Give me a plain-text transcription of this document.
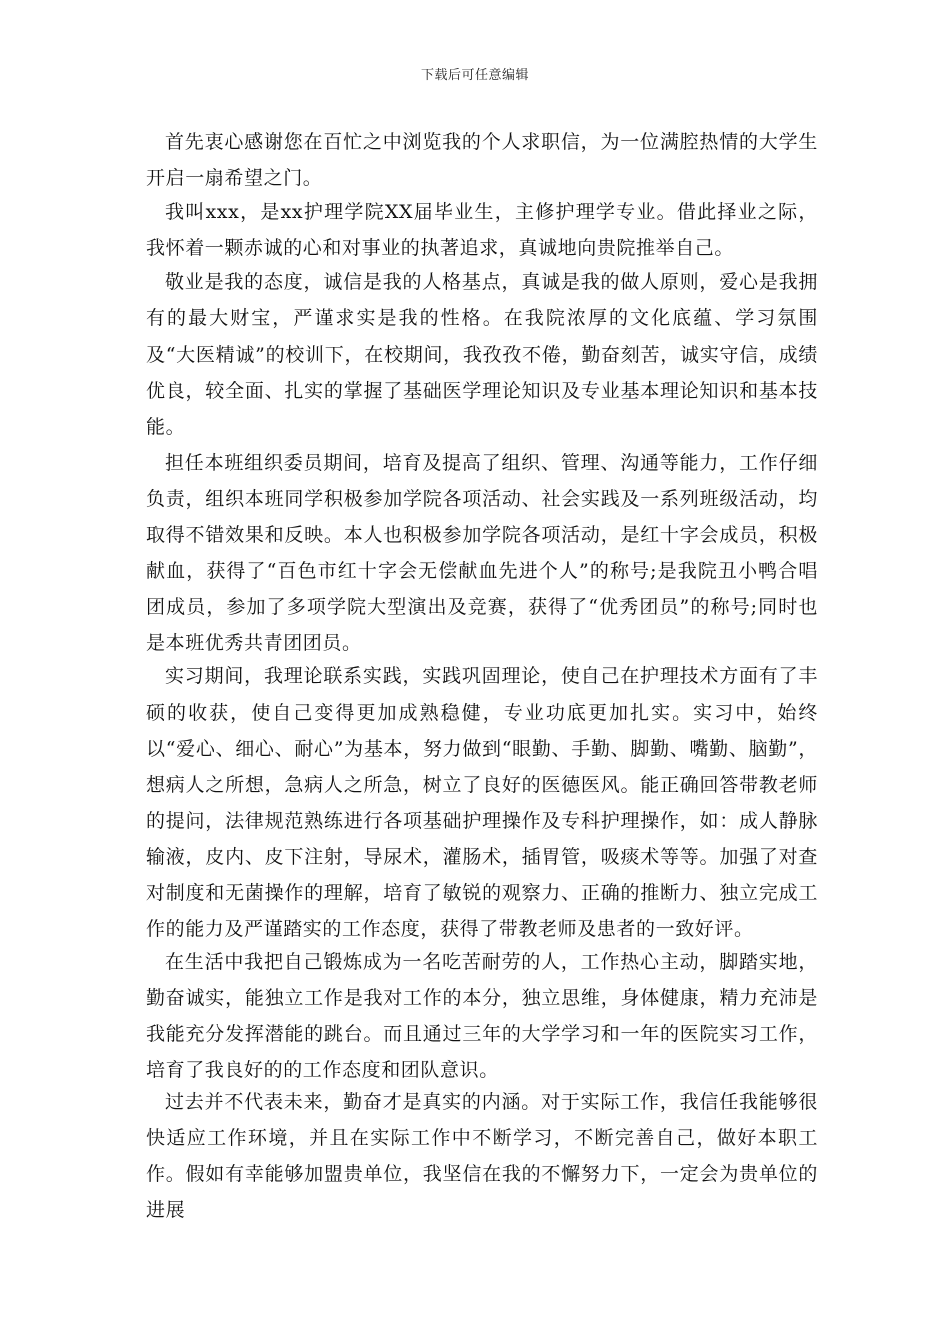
下载后可任意编辑

首先衷心感谢您在百忙之中浏览我的个人求职信，为一位满腔热情的大学生开启一扇希望之门。

我叫xxx，是xx护理学院XX届毕业生，主修护理学专业。借此择业之际，我怀着一颗赤诚的心和对事业的执著追求，真诚地向贵院推举自己。

敬业是我的态度，诚信是我的人格基点，真诚是我的做人原则，爱心是我拥有的最大财宝，严谨求实是我的性格。在我院浓厚的文化底蕴、学习氛围及“大医精诚”的校训下，在校期间，我孜孜不倦，勤奋刻苦，诚实守信，成绩优良，较全面、扎实的掌握了基础医学理论知识及专业基本理论知识和基本技能。

担任本班组织委员期间，培育及提高了组织、管理、沟通等能力，工作仔细负责，组织本班同学积极参加学院各项活动、社会实践及一系列班级活动，均取得不错效果和反映。本人也积极参加学院各项活动，是红十字会成员，积极献血，获得了“百色市红十字会无偿献血先进个人”的称号;是我院丑小鸭合唱团成员，参加了多项学院大型演出及竞赛，获得了“优秀团员”的称号;同时也是本班优秀共青团团员。

实习期间，我理论联系实践，实践巩固理论，使自己在护理技术方面有了丰硕的收获，使自己变得更加成熟稳健，专业功底更加扎实。实习中，始终以“爱心、细心、耐心”为基本，努力做到“眼勤、手勤、脚勤、嘴勤、脑勤”，想病人之所想，急病人之所急，树立了良好的医德医风。能正确回答带教老师的提问，法律规范熟练进行各项基础护理操作及专科护理操作，如：成人静脉输液，皮内、皮下注射，导尿术，灌肠术，插胃管，吸痰术等等。加强了对查对制度和无菌操作的理解，培育了敏锐的观察力、正确的推断力、独立完成工作的能力及严谨踏实的工作态度，获得了带教老师及患者的一致好评。

在生活中我把自己锻炼成为一名吃苦耐劳的人，工作热心主动，脚踏实地，勤奋诚实，能独立工作是我对工作的本分，独立思维，身体健康，精力充沛是我能充分发挥潜能的跳台。而且通过三年的大学学习和一年的医院实习工作，培育了我良好的的工作态度和团队意识。

过去并不代表未来，勤奋才是真实的内涵。对于实际工作，我信任我能够很快适应工作环境，并且在实际工作中不断学习，不断完善自己，做好本职工作。假如有幸能够加盟贵单位，我坚信在我的不懈努力下，一定会为贵单位的进展
